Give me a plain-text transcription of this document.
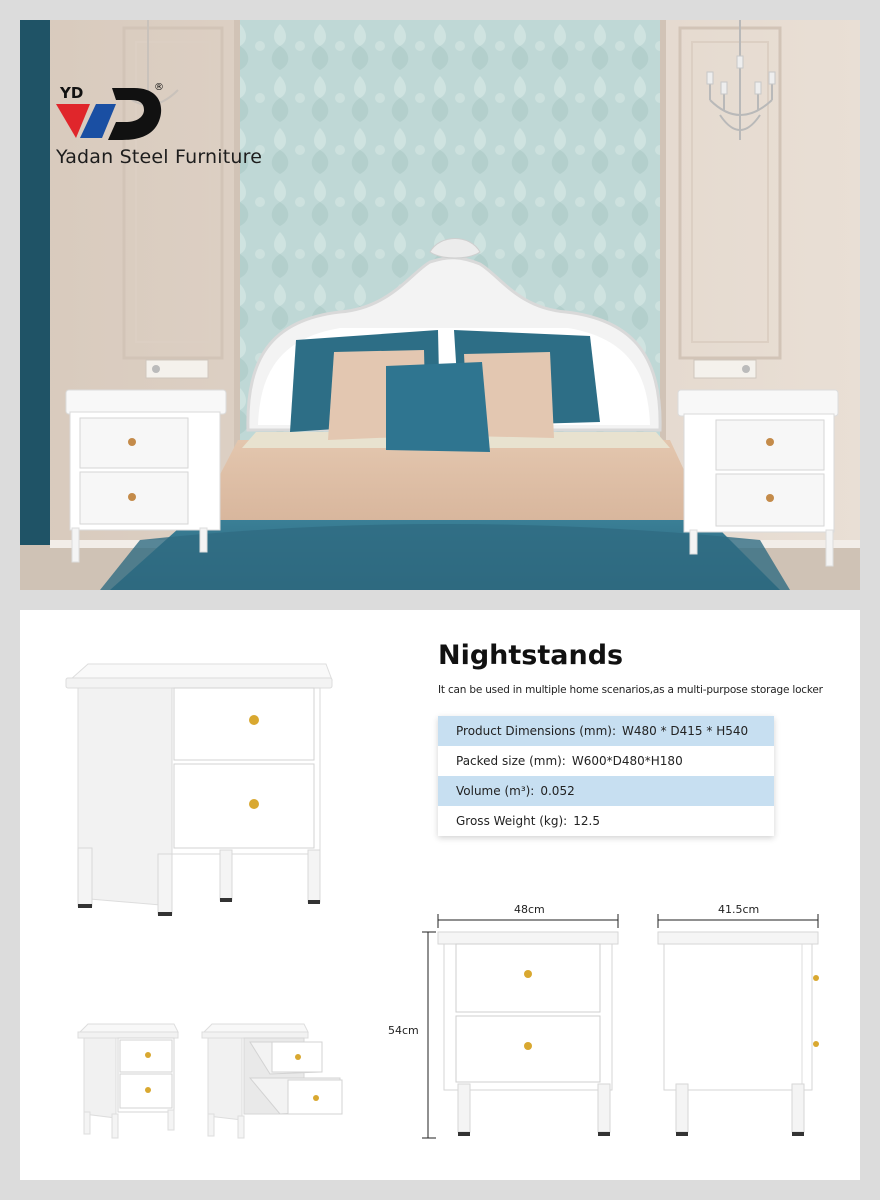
YD	®
Yadan Steel Furniture
Nightstands
It can be used in multiple home scenarios,as a multi-purpose storage locker
Product Dimensions (mm): W480 * D415 * H540
Packed size (mm): W600*D480*H180
Volume (m³): 0.052
Gross Weight (kg): 12.5
48cm
54cm
41.5cm
